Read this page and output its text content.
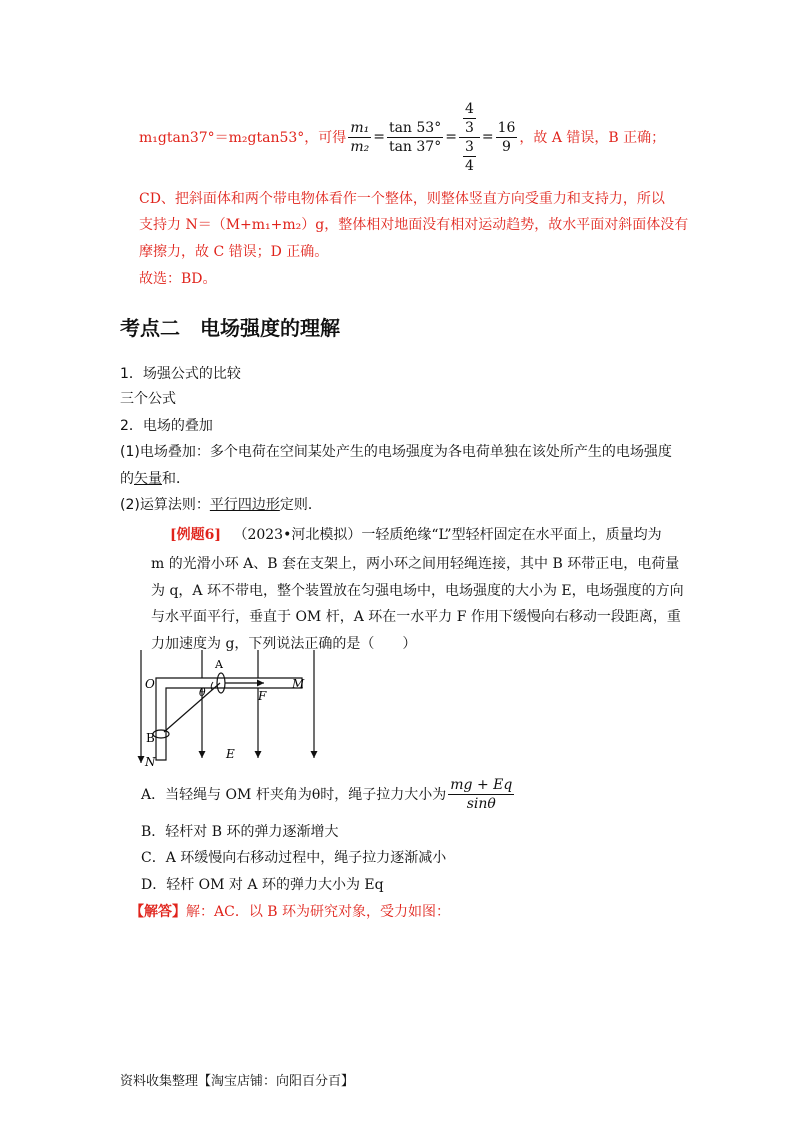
m₁gtan37°＝m₂gtan53°，可得 $\frac{\text{m₁}}{\text{m₂}} = \frac{\tan 53^\circ}{\tan 37^\circ} = \frac{\frac{4}{3}}{\frac{3}{4}} = \frac{16}{9}$ ，故 A 错误，B 正确；
CD、把斜面体和两个带电物体看作一个整体，则整体竖直方向受重力和支持力，所以
支持力 N＝（M+m₁+m₂）g，整体相对地面没有相对运动趋势，故水平面对斜面体没有
摩擦力，故 C 错误；D 正确。
故选：BD。
考点二　电场强度的理解
1．场强公式的比较
三个公式
2．电场的叠加
(1)电场叠加：多个电荷在空间某处产生的电场强度为各电荷单独在该处所产生的电场强度
的矢量和．
(2)运算法则：平行四边形定则．
[例题6] （2023•河北模拟）一轻质绝缘“L”型轻杆固定在水平面上，质量均为
m 的光滑小环 A、B 套在支架上，两小环之间用轻绳连接，其中 B 环带正电，电荷量
为 q，A 环不带电，整个装置放在匀强电场中，电场强度的大小为 E，电场强度的方向
与水平面平行，垂直于 OM 杆，A 环在一水平力 F 作用下缓慢向右移动一段距离，重
力加速度为 g，下列说法正确的是（　　）
O
A
θ
M
F
B
E
N
A．当轻绳与 OM 杆夹角为θ时，绳子拉力大小为 $\frac{mg + Eq}{\sin\theta}$
B．轻杆对 B 环的弹力逐渐增大
C．A 环缓慢向右移动过程中，绳子拉力逐渐减小
D．轻杆 OM 对 A 环的弹力大小为 Eq
【解答】解：AC．以 B 环为研究对象，受力如图：
资料收集整理【淘宝店铺：向阳百分百】
